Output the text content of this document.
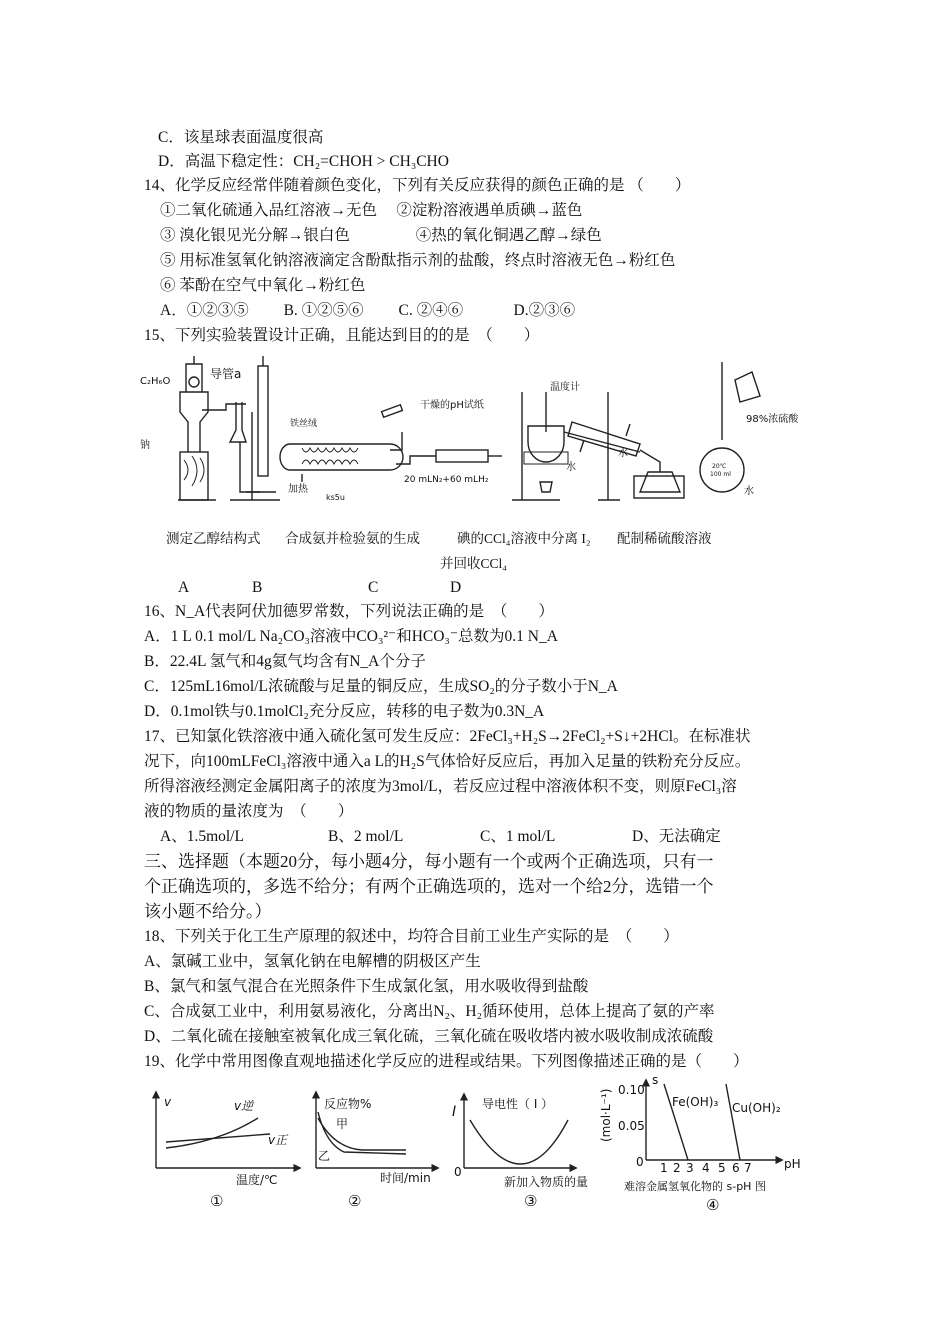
C．该星球表面温度很高
D．高温下稳定性：CH₂=CHOH > CH₃CHO
14、化学反应经常伴随着颜色变化，下列有关反应获得的颜色正确的是 （　　）
①二氧化硫通入品红溶液→无色　 ②淀粉溶液遇单质碘→蓝色
③ 溴化银见光分解→银白色　　　　 ④热的氧化铜遇乙醇→绿色
⑤ 用标准氢氧化钠溶液滴定含酚酞指示剂的盐酸，终点时溶液无色→粉红色
⑥ 苯酚在空气中氧化→粉红色
A．①②③⑤　　 B. ①②⑤⑥　　 C. ②④⑥　　　 D.②③⑥
15、下列实验装置设计正确，且能达到目的的是　（　　）
C₂H₆O
导管a
钠
铁丝绒
干燥的pH试纸
加热
20 mLN₂+60 mLH₂
ks5u
温度计
水
水
98%浓硫酸
水
20℃
100 ml
测定乙醇结构式 合成氨并检验氨的生成	碘的CCl₄溶液中分离 I₂ 配制稀硫酸溶液
并回收CCl₄
A	B	C	D
16、N_A代表阿伏加德罗常数，下列说法正确的是　（　　）
A．1 L 0.1 mol/L Na₂CO₃溶液中CO₃²⁻和HCO₃⁻总数为0.1 N_A
B．22.4L 氢气和4g氦气均含有N_A个分子
C．125mL16mol/L浓硫酸与足量的铜反应，生成SO₂的分子数小于N_A
D．0.1mol铁与0.1molCl₂充分反应，转移的电子数为0.3N_A
17、已知氯化铁溶液中通入硫化氢可发生反应：2FeCl₃+H₂S→2FeCl₂+S↓+2HCl。在标准状
况下，向100mLFeCl₃溶液中通入a L的H₂S气体恰好反应后，再加入足量的铁粉充分反应。
所得溶液经测定金属阳离子的浓度为3mol/L，若反应过程中溶液体积不变，则原FeCl₃溶
液的物质的量浓度为　（　　）
A、1.5mol/L	B、2 mol/L	C、1 mol/L	D、无法确定
三、选择题（本题20分，每小题4分，每小题有一个或两个正确选项，只有一
个正确选项的，多选不给分；有两个正确选项的，选对一个给2分，选错一个
该小题不给分。）
18、下列关于化工生产原理的叙述中，均符合目前工业生产实际的是　（　　）
A、氯碱工业中，氢氧化钠在电解槽的阴极区产生
B、氯气和氢气混合在光照条件下生成氯化氢，用水吸收得到盐酸
C、合成氨工业中，利用氨易液化，分离出N₂、H₂循环使用，总体上提高了氨的产率
D、二氧化硫在接触室被氧化成三氧化硫，三氧化硫在吸收塔内被水吸收制成浓硫酸
19、化学中常用图像直观地描述化学反应的进程或结果。下列图像描述正确的是（　　）
v	v逆
v正
温度/℃
①
反应物%
甲
乙
时间/min
②
I 导电性（ I ）
0
新加入物质的量
③
(mol·L⁻¹)
s
0.10
0.05
0 1 2 3 4 5 6 7	pH
Fe(OH)₃ Cu(OH)₂
难溶金属氢氧化物的 s-pH 图
④
